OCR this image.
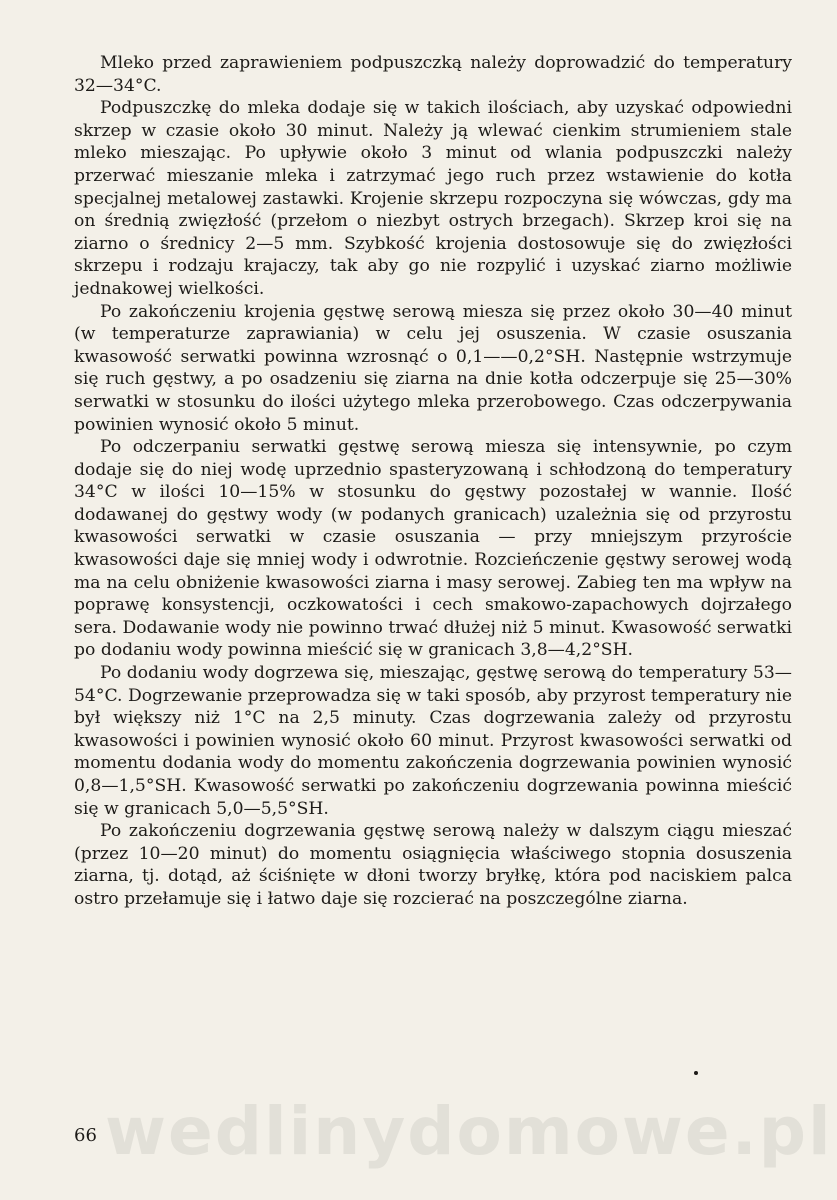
Mleko przed zaprawieniem podpuszczką należy doprowadzić do temperatury 32—34°C.

Podpuszczkę do mleka dodaje się w takich ilościach, aby uzyskać odpowiedni skrzep w czasie około 30 minut. Należy ją wlewać cienkim strumieniem stale mleko mieszając. Po upływie około 3 minut od wlania podpuszczki należy przerwać mieszanie mleka i zatrzymać jego ruch przez wstawienie do kotła specjalnej metalowej zastawki. Krojenie skrzepu rozpoczyna się wówczas, gdy ma on średnią zwięzłość (przełom o niezbyt ostrych brzegach). Skrzep kroi się na ziarno o średnicy 2—5 mm. Szybkość krojenia dostosowuje się do zwięzłości skrzepu i rodzaju krajaczy, tak aby go nie rozpylić i uzyskać ziarno możliwie jednakowej wielkości.

Po zakończeniu krojenia gęstwę serową miesza się przez około 30—40 minut (w temperaturze zaprawiania) w celu jej osuszenia. W czasie osuszania kwasowość serwatki powinna wzrosnąć o 0,1——0,2°SH. Następnie wstrzymuje się ruch gęstwy, a po osadzeniu się ziarna na dnie kotła odczerpuje się 25—30% serwatki w stosunku do ilości użytego mleka przerobowego. Czas odczerpywania powinien wynosić około 5 minut.

Po odczerpaniu serwatki gęstwę serową miesza się intensywnie, po czym dodaje się do niej wodę uprzednio spasteryzowaną i schłodzoną do temperatury 34°C w ilości 10—15% w stosunku do gęstwy pozostałej w wannie. Ilość dodawanej do gęstwy wody (w podanych granicach) uzależnia się od przyrostu kwasowości serwatki w czasie osuszania — przy mniejszym przyroście kwasowości daje się mniej wody i odwrotnie. Rozcieńczenie gęstwy serowej wodą ma na celu obniżenie kwasowości ziarna i masy serowej. Zabieg ten ma wpływ na poprawę konsystencji, oczkowatości i cech smakowo-zapachowych dojrzałego sera. Dodawanie wody nie powinno trwać dłużej niż 5 minut. Kwasowość serwatki po dodaniu wody powinna mieścić się w granicach 3,8—4,2°SH.

Po dodaniu wody dogrzewa się, mieszając, gęstwę serową do temperatury 53—54°C. Dogrzewanie przeprowadza się w taki sposób, aby przyrost temperatury nie był większy niż 1°C na 2,5 minuty. Czas dogrzewania zależy od przyrostu kwasowości i powinien wynosić około 60 minut. Przyrost kwasowości serwatki od momentu dodania wody do momentu zakończenia dogrzewania powinien wynosić 0,8—1,5°SH. Kwasowość serwatki po zakończeniu dogrzewania powinna mieścić się w granicach 5,0—5,5°SH.

Po zakończeniu dogrzewania gęstwę serową należy w dalszym ciągu mieszać (przez 10—20 minut) do momentu osiągnięcia właściwego stopnia dosuszenia ziarna, tj. dotąd, aż ściśnięte w dłoni tworzy bryłkę, która pod naciskiem palca ostro przełamuje się i łatwo daje się rozcierać na poszczególne ziarna.

wedlinydomowe.pl
66
